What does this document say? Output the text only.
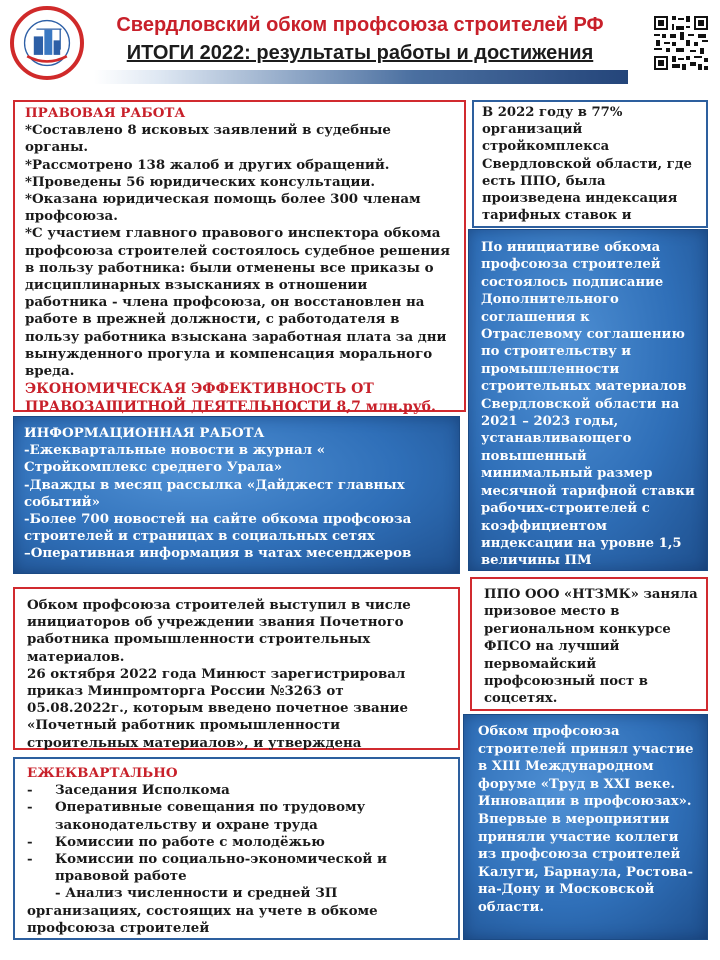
Свердловский обком профсоюза строителей РФ
ИТОГИ 2022: результаты работы и достижения
ПРАВОВАЯ РАБОТА
*Составлено 8 исковых заявлений в судебные органы.
*Рассмотрено 138 жалоб и других обращений.
*Проведены 56 юридических консультации.
*Оказана юридическая помощь более 300 членам профсоюза.
*С участием главного правового инспектора обкома профсоюза строителей состоялось судебное решения в пользу работника: были отменены все приказы о дисциплинарных взысканиях в отношении работника - члена профсоюза, он восстановлен на работе в прежней должности, с работодателя в пользу работника взыскана заработная плата за дни вынужденного прогула и компенсация морального вреда.
ЭКОНОМИЧЕСКАЯ ЭФФЕКТИВНОСТЬ ОТ ПРАВОЗАЩИТНОЙ ДЕЯТЕЛЬНОСТИ 8,7 млн.руб.
В 2022 году в 77% организаций стройкомплекса Свердловской области, где есть ППО, была произведена индексация тарифных ставок и
По инициативе обкома профсоюза строителей состоялось подписание Дополнительного соглашения к Отраслевому соглашению по строительству и промышленности строительных материалов Свердловской области на 2021 – 2023 годы, устанавливающего повышенный минимальный размер месячной тарифной ставки рабочих-строителей с коэффициентом индексации на уровне 1,5 величины ПМ
ИНФОРМАЦИОННАЯ РАБОТА
-Ежеквартальные новости в журнал « Стройкомплекс среднего Урала»
-Дважды в месяц рассылка «Дайджест главных событий»
-Более 700 новостей на сайте обкома профсоюза строителей и страницах в социальных сетях
–Оперативная информация в чатах месенджеров
Обком профсоюза строителей выступил в числе инициаторов об учреждении звания Почетного работника промышленности строительных материалов.
26 октября 2022 года Минюст зарегистрировал приказ Минпромторга России №3263 от 05.08.2022г., которым введено почетное звание «Почетный работник промышленности строительных материалов», и утверждена
ППО ООО «НТЗМК» заняла призовое место в региональном конкурсе ФПСО на лучший первомайский профсоюзный пост в соцсетях.
ЕЖЕКВАРТАЛЬНО
-	Заседания Исполкома
-	Оперативные совещания по трудовому законодательству и охране труда
-	Комиссии по работе с молодёжью
-	Комиссии по социально-экономической и правовой работе
- Анализ численности и средней ЗП организациях, состоящих на учете в обкоме профсоюза строителей
Обком профсоюза строителей принял участие в XIII Международном форуме «Труд в XXI веке. Инновации в профсоюзах». Впервые в мероприятии приняли участие коллеги из профсоюза строителей Калуги, Барнаула, Ростова-на-Дону и Московской области.
